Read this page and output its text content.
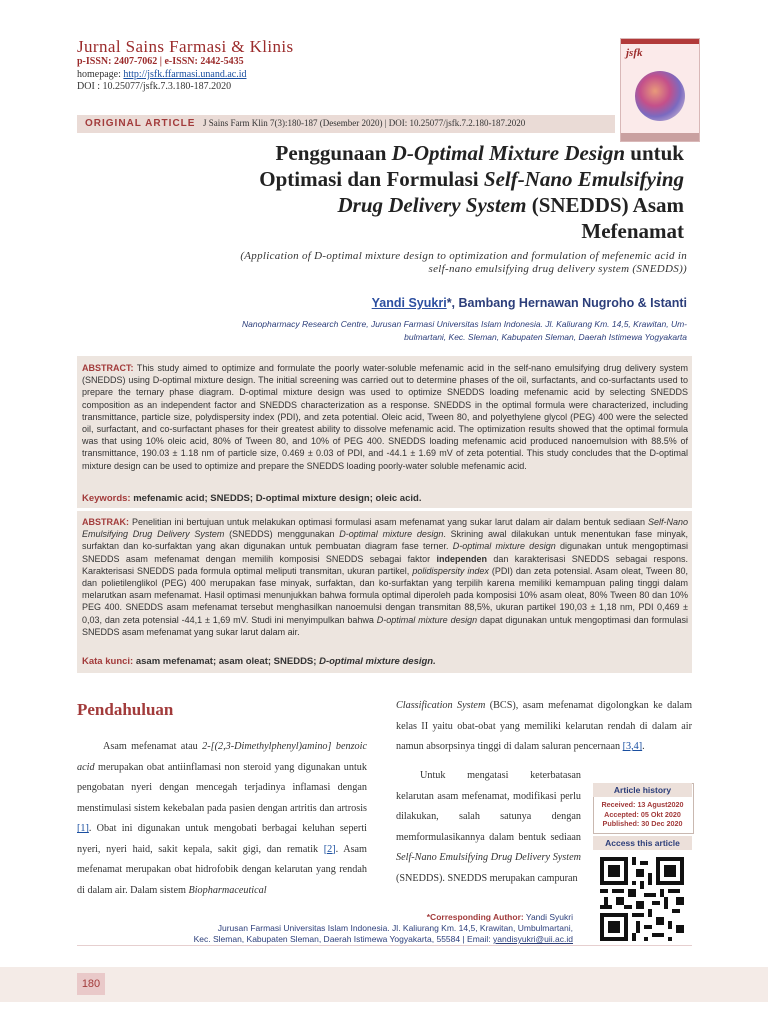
Jurnal Sains Farmasi & Klinis
p-ISSN: 2407-7062 | e-ISSN: 2442-5435
homepage: http://jsfk.ffarmasi.unand.ac.id
DOI : 10.25077/jsfk.7.3.180-187.2020
jsfk
ORIGINAL ARTICLE J Sains Farm Klin 7(3):180-187 (Desember 2020) | DOI: 10.25077/jsfk.7.2.180-187.2020
Penggunaan D-Optimal Mixture Design untuk
Optimasi dan Formulasi Self-Nano Emulsifying
Drug Delivery System (SNEDDS) Asam
Mefenamat
(Application of D-optimal mixture design to optimization and formulation of mefenemic acid in
self-nano emulsifying drug delivery system (SNEDDS))
Yandi Syukri*, Bambang Hernawan Nugroho & Istanti
Nanopharmacy Research Centre, Jurusan Farmasi Universitas Islam Indonesia. Jl. Kaliurang Km. 14,5, Krawitan, Um-
bulmartani, Kec. Sleman, Kabupaten Sleman, Daerah Istimewa Yogyakarta
ABSTRACT: This study aimed to optimize and formulate the poorly water-soluble mefenamic acid in the self-nano emulsifying drug delivery system (SNEDDS) using D-optimal mixture design. The initial screening was carried out to determine phases of the oil, surfactants, and co-surfactants used to prepare the ternary phase diagram. D-optimal mixture design was used to optimize SNEDDS loading mefenamic acid by selecting SNEDDS composition as an independent factor and SNEDDS characterization as a response. SNEDDS in the optimal formula were characterized, including transmittance, particle size, polydispersity index (PDI), and zeta potential. Oleic acid, Tween 80, and polyethylene glycol (PEG) 400 were the selected oil, surfactant, and co-surfactant phases for their greatest ability to dissolve mefenamic acid. The optimization results showed that the optimal formula was that using 10% oleic acid, 80% of Tween 80, and 10% of PEG 400. SNEDDS loading mefenamic acid produced nanoemulsion with 88.5% of transmittance, 190.03 ± 1.18 nm of particle size, 0.469 ± 0.03 of PDI, and -44.1 ± 1.69 mV of zeta potential. This study concludes that the D-optimal mixture design can be used to optimize and prepare the SNEDDS loading poorly-water soluble mefenamic acid.
Keywords: mefenamic acid; SNEDDS; D-optimal mixture design; oleic acid.
ABSTRAK: Penelitian ini bertujuan untuk melakukan optimasi formulasi asam mefenamat yang sukar larut dalam air dalam bentuk sediaan Self-Nano Emulsifying Drug Delivery System (SNEDDS) menggunakan D-optimal mixture design. Skrining awal dilakukan untuk menentukan fase minyak, surfaktan dan ko-surfaktan yang akan digunakan untuk pembuatan diagram fase terner. D-optimal mixture design digunakan untuk mengoptimasi SNEDDS asam mefenamat dengan memilih komposisi SNEDDS sebagai faktor independen dan karakterisasi SNEDDS sebagai respons. Karakterisasi SNEDDS pada formula optimal meliputi transmitan, ukuran partikel, polidispersity index (PDI) dan zeta potensial. Asam oleat, Tween 80, dan polietilenglikol (PEG) 400 merupakan fase minyak, surfaktan, dan ko-surfaktan yang terpilih karena memiliki kemampuan paling tinggi dalam melarutkan asam mefenamat. Hasil optimasi menunjukkan bahwa formula optimal diperoleh pada komposisi 10% asam oleat, 80% Tween 80 dan 10% PEG 400. SNEDDS asam mefenamat tersebut menghasilkan nanoemulsi dengan transmitan 88,5%, ukuran partikel 190,03 ± 1,18 nm, PDI 0,469 ± 0,03, dan zeta potensial -44,1 ± 1,69 mV. Studi ini menyimpulkan bahwa D-optimal mixture design dapat digunakan untuk mengoptimasi dan formulasi SNEDDS asam mefenamat yang sukar larut dalam air.
Kata kunci: asam mefenamat; asam oleat; SNEDDS; D-optimal mixture design.
Pendahuluan
Asam mefenamat atau 2-[(2,3-Dimethylphenyl)amino] benzoic acid merupakan obat antiinflamasi non steroid yang digunakan untuk pengobatan nyeri dengan mencegah terjadinya inflamasi dengan menstimulasi sistem kekebalan pada pasien dengan artritis dan artrosis [1]. Obat ini digunakan untuk mengobati berbagai keluhan seperti nyeri, nyeri haid, sakit kepala, sakit gigi, dan rematik [2]. Asam mefenamat merupakan obat hidrofobik dengan kelarutan yang rendah di dalam air. Dalam sistem Biopharmaceutical
Classification System (BCS), asam mefenamat digolongkan ke dalam kelas II yaitu obat-obat yang memiliki kelarutan rendah di dalam air namun absorpsinya tinggi di dalam saluran pencernaan [3,4].
Untuk mengatasi keterbatasan kelarutan asam mefenamat, modifikasi perlu dilakukan, salah satunya dengan memformulasikannya dalam bentuk sediaan Self-Nano Emulsifying Drug Delivery System (SNEDDS). SNEDDS merupakan campuran
Article history
Received: 13 Agust2020
Accepted: 05 Okt 2020
Published: 30 Dec 2020
Access this article
*Corresponding Author: Yandi Syukri
Jurusan Farmasi Universitas Islam Indonesia. Jl. Kaliurang Km. 14,5, Krawitan, Umbulmartani,
Kec. Sleman, Kabupaten Sleman, Daerah Istimewa Yogyakarta, 55584 | Email: yandisyukri@uii.ac.id
180
